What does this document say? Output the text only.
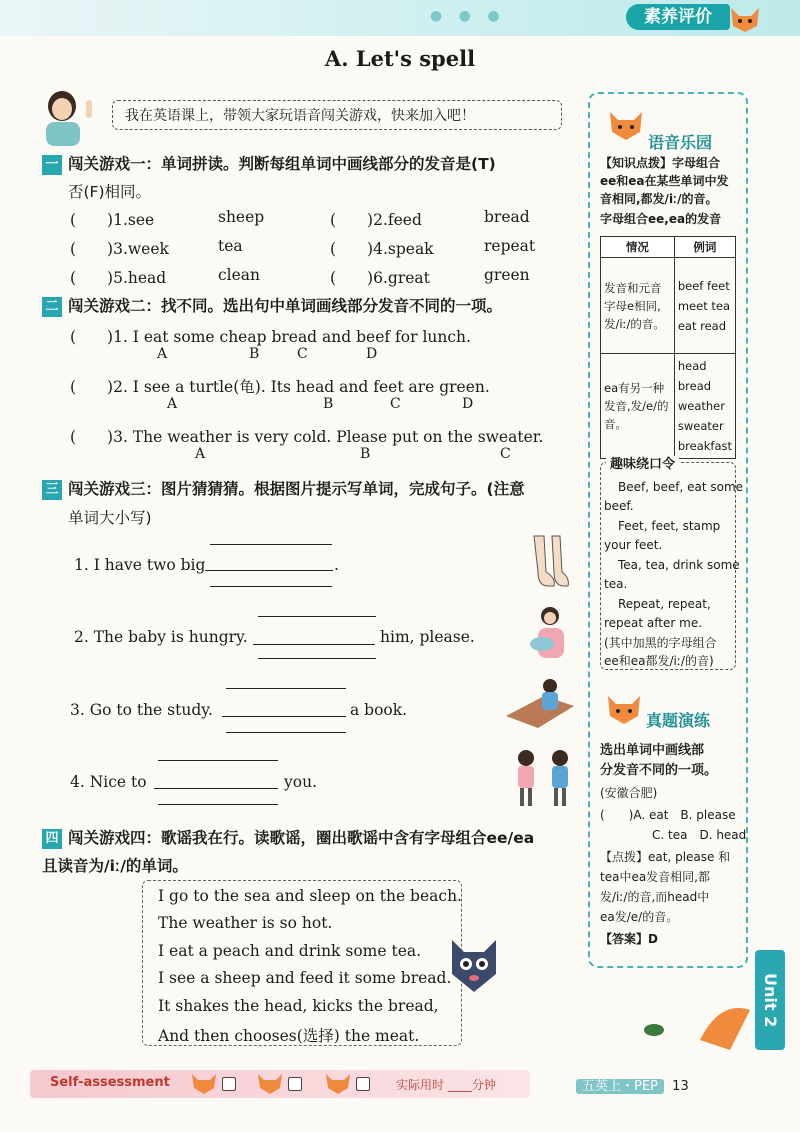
● ● ●	素养评价
A. Let's spell
我在英语课上，带领大家玩语音闯关游戏，快来加入吧！
一 闯关游戏一：单词拼读。判断每组单词中画线部分的发音是(T)
否(F)相同。
(　　)1.see	sheep	(　　)2.feed	bread
(　　)3.week	tea	(　　)4.speak	repeat
(　　)5.head	clean	(　　)6.great	green
二 闯关游戏二：找不同。选出句中单词画线部分发音不同的一项。
(　　)1. I eat some cheap bread and beef for lunch.
A	B	C	D
(　　)2. I see a turtle(龟). Its head and feet are green.
A	B	C	D
(　　)3. The weather is very cold. Please put on the sweater.
A	B	C
三 闯关游戏三：图片猜猜猜。根据图片提示写单词，完成句子。(注意
单词大小写)
1. I have two big	.
2. The baby is hungry.	him, please.
3. Go to the study.	a book.
4. Nice to	you.
四 闯关游戏四：歌谣我在行。读歌谣，圈出歌谣中含有字母组合ee/ea
且读音为/iː/的单词。
I go to the sea and sleep on the beach.
The weather is so hot.
I eat a peach and drink some tea.
I see a sheep and feed it some bread.
It shakes the head, kicks the bread,
And then chooses(选择) the meat.
语音乐园
【知识点拨】字母组合
ee和ea在某些单词中发
音相同,都发/iː/的音。
字母组合ee,ea的发音
情况	例词
发音和元音字母e相同,发/iː/的音。	beef feet meet tea eat read
ea有另一种发音,发/e/的音。	head bread weather sweater breakfast
趣味绕口令
Beef, beef, eat some
beef.
Feet, feet, stamp
your feet.
Tea, tea, drink some
tea.
Repeat, repeat,
repeat after me.
(其中加黑的字母组合
ee和ea都发/iː/的音)
真题演练
选出单词中画线部
分发音不同的一项。
(安徽合肥)
(　　)A. eat　B. please
C. tea　D. head
【点拨】eat, please 和
tea中ea发音相同,都
发/iː/的音,而head中
ea发/e/的音。
【答案】D
Unit 2
Self-assessment	实际用时 ____分钟	五英上・PEP 13
